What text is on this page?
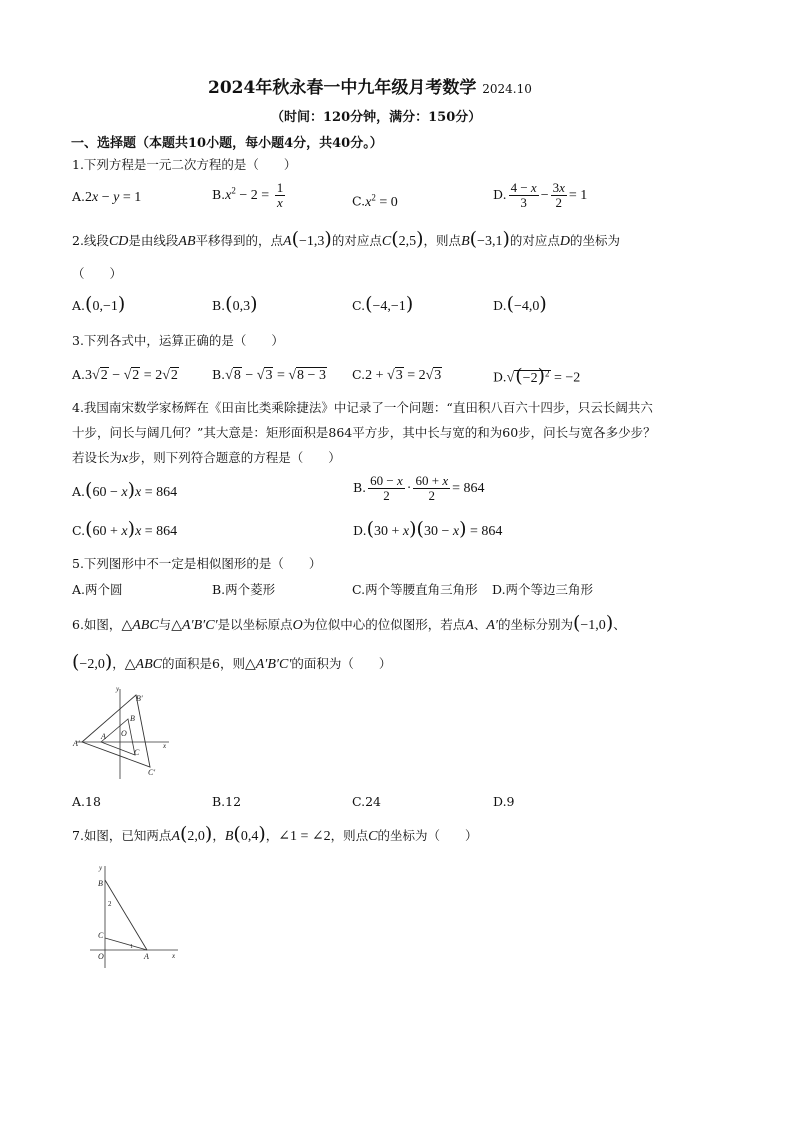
2024年秋永春一中九年级月考数学 2024.10
（时间：120分钟，满分：150分）
一、选择题（本题共10小题，每小题4分，共40分。）
1.下列方程是一元二次方程的是（　　）
A.2x − y = 1	$B.x^2 - 2 = \frac{1}{x}$	$C.x^2 = 0$
D. $\frac{4 - x}{3} - \frac{3x}{2} = 1$
2.线段CD是由线段AB平移得到的，点A(−1,3)的对应点C(2,5)，则点B(−3,1)的对应点D的坐标为
（　　）
A.(0,−1)	B.(0,3)	C.(−4,−1)	D.(−4,0)
3.下列各式中，运算正确的是（　　）
A.3√2 − √2 = 2√2	B.√8 − √3 = √8 − 3 C.2 + √3 = 2√3	$D.√(-2)^2 = -2$
4.我国南宋数学家杨辉在《田亩比类乘除捷法》中记录了一个问题：“直田积八百六十四步，只云长阔共六
十步，问长与阔几何？”其大意是：矩形面积是864平方步，其中长与宽的和为60步，问长与宽各多少步？
若设长为x步，则下列符合题意的方程是（　　）
A.(60 − x)x = 864	B. $\frac{60 - x}{2} \cdot \frac{60 + x}{2} = 864$
C.(60 + x)x = 864	D.(30 + x)(30 − x) = 864
5.下列图形中不一定是相似图形的是（　　）
A.两个圆	B.两个菱形	C.两个等腰直角三角形 D.两个等边三角形
6.如图，△ABC与△A′B′C′是以坐标原点O为位似中心的位似图形，若点A、A′的坐标分别为(−1,0)、
(−2,0)，△ABC的面积是6，则△A′B′C′的面积为（　　）
y
x
A′
A
B
B′
C
C′
O
A.18	B.12	C.24	D.9
7.如图，已知两点A(2,0)，B(0,4)，∠1 = ∠2，则点C的坐标为（　　）
y
x
B
2
C
1
O	A
